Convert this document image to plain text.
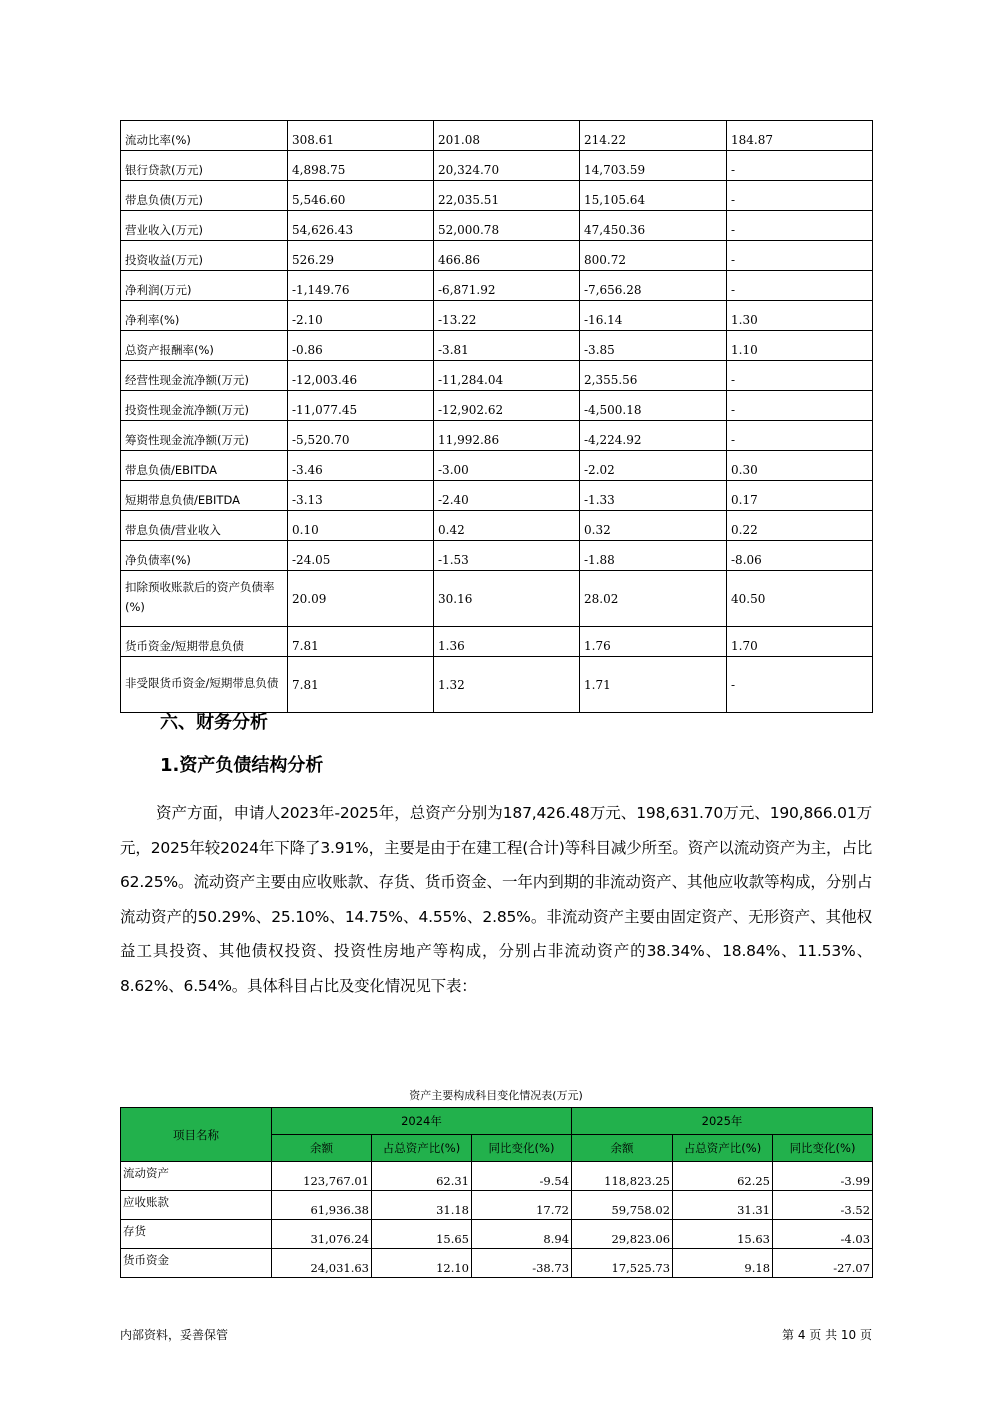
流动比率(%)	308.61	201.08	214.22	184.87
银行贷款(万元)	4,898.75	20,324.70	14,703.59	-
带息负债(万元)	5,546.60	22,035.51	15,105.64	-
营业收入(万元)	54,626.43	52,000.78	47,450.36	-
投资收益(万元)	526.29	466.86	800.72	-
净利润(万元)	-1,149.76	-6,871.92	-7,656.28	-
净利率(%)	-2.10	-13.22	-16.14	1.30
总资产报酬率(%)	-0.86	-3.81	-3.85	1.10
经营性现金流净额(万元)	-12,003.46	-11,284.04	2,355.56	-
投资性现金流净额(万元)	-11,077.45	-12,902.62	-4,500.18	-
筹资性现金流净额(万元)	-5,520.70	11,992.86	-4,224.92	-
带息负债/EBITDA	-3.46	-3.00	-2.02	0.30
短期带息负债/EBITDA	-3.13	-2.40	-1.33	0.17
带息负债/营业收入	0.10	0.42	0.32	0.22
净负债率(%)	-24.05	-1.53	-1.88	-8.06
扣除预收账款后的资产负债率(%)	20.09	30.16	28.02	40.50
货币资金/短期带息负债	7.81	1.36	1.76	1.70
非受限货币资金/短期带息负债	7.81	1.32	1.71	-
六、财务分析
1.资产负债结构分析
资产方面，申请人2023年-2025年，总资产分别为187,426.48万元、198,631.70万元、190,866.01万元，2025年较2024年下降了3.91%，主要是由于在建工程(合计)等科目减少所至。资产以流动资产为主，占比62.25%。流动资产主要由应收账款、存货、货币资金、一年内到期的非流动资产、其他应收款等构成，分别占流动资产的50.29%、25.10%、14.75%、4.55%、2.85%。非流动资产主要由固定资产、无形资产、其他权益工具投资、其他债权投资、投资性房地产等构成，分别占非流动资产的38.34%、18.84%、11.53%、8.62%、6.54%。具体科目占比及变化情况见下表：
资产主要构成科目变化情况表(万元)
项目名称	2024年			2025年		
	余额	占总资产比(%)	同比变化(%)	余额	占总资产比(%)	同比变化(%)
流动资产	123,767.01	62.31	-9.54	118,823.25	62.25	-3.99
应收账款	61,936.38	31.18	17.72	59,758.02	31.31	-3.52
存货	31,076.24	15.65	8.94	29,823.06	15.63	-4.03
货币资金	24,031.63	12.10	-38.73	17,525.73	9.18	-27.07
内部资料，妥善保管	第 4 页 共 10 页
